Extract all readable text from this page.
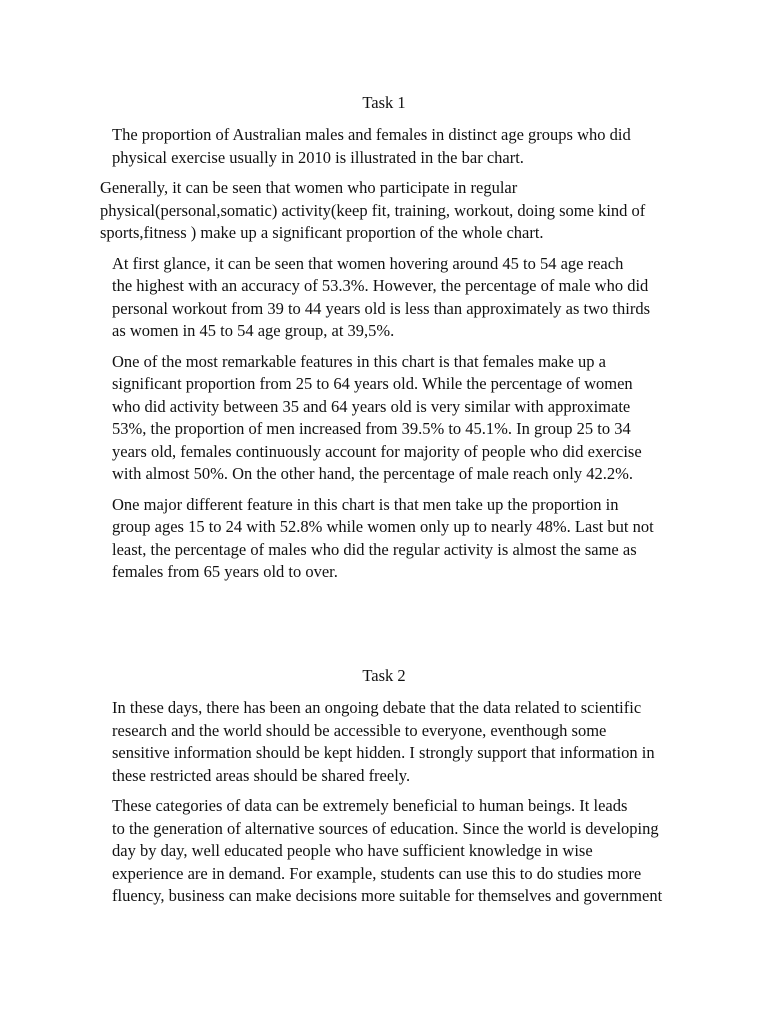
Task 1
The proportion of Australian males and females in distinct age groups who did
physical exercise usually in 2010 is illustrated in the bar chart.
Generally, it can be seen that women who participate in regular
physical(personal,somatic) activity(keep fit, training, workout, doing some kind of
sports,fitness ) make up a significant proportion of the whole chart.
At first glance, it can be seen that women hovering around 45 to 54 age reach
the highest with an accuracy of 53.3%. However, the percentage of male who did
personal workout from 39 to 44 years old is less than approximately as two thirds
as women in 45 to 54 age group, at 39,5%.
One of the most remarkable features in this chart is that females make up a
significant proportion from 25 to 64 years old. While the percentage of women
who did activity between 35 and 64 years old is very similar with approximate
53%, the proportion of men increased from 39.5% to 45.1%. In group 25 to 34
years old, females continuously account for majority of people who did exercise
with almost 50%. On the other hand, the percentage of male reach only 42.2%.
One major different feature in this chart is that men take up the proportion in
group ages 15 to 24 with 52.8% while women only up to nearly 48%. Last but not
least, the percentage of males who did the regular activity is almost the same as
females from 65 years old to over.
Task 2
In these days, there has been an ongoing debate that the data related to scientific
research and the world should be accessible to everyone, eventhough some
sensitive information should be kept hidden. I strongly support that information in
these restricted areas should be shared freely.
These categories of data can be extremely beneficial to human beings. It leads
to the generation of alternative sources of education. Since the world is developing
day by day, well educated people who have sufficient knowledge in wise
experience are in demand. For example, students can use this to do studies more
fluency, business can make decisions more suitable for themselves and government
